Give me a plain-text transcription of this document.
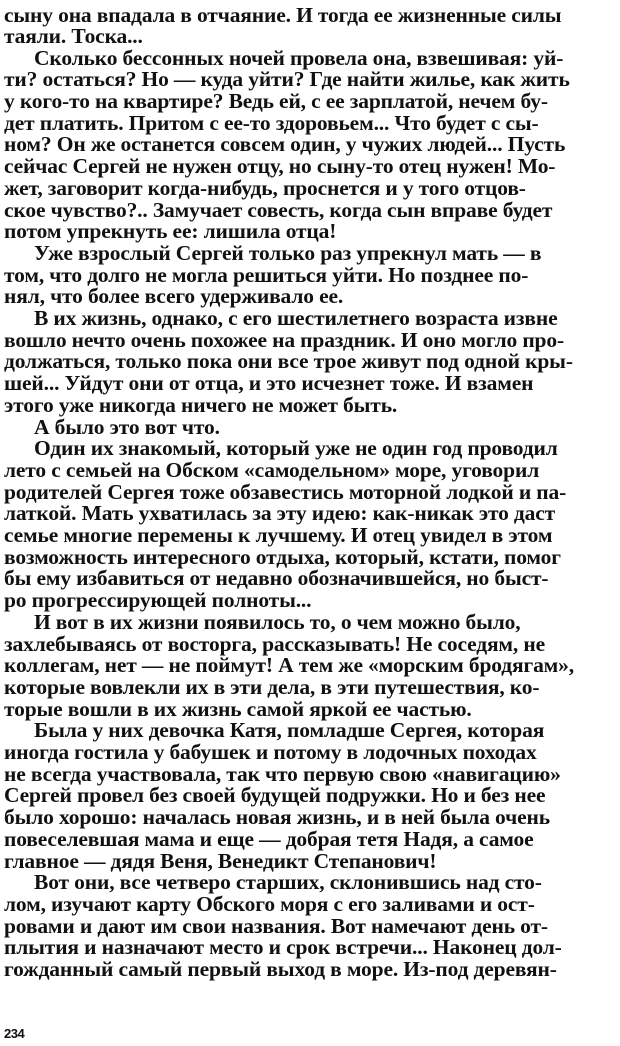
сыну она впадала в отчаяние. И тогда ее жизненные силы
таяли. Тоска...
Сколько бессонных ночей провела она, взвешивая: уй-
ти? остаться? Но — куда уйти? Где найти жилье, как жить
у кого-то на квартире? Ведь ей, с ее зарплатой, нечем бу-
дет платить. Притом с ее-то здоровьем... Что будет с сы-
ном? Он же останется совсем один, у чужих людей... Пусть
сейчас Сергей не нужен отцу, но сыну-то отец нужен! Мо-
жет, заговорит когда-нибудь, проснется и у того отцов-
ское чувство?.. Замучает совесть, когда сын вправе будет
потом упрекнуть ее: лишила отца!
Уже взрослый Сергей только раз упрекнул мать — в
том, что долго не могла решиться уйти. Но позднее по-
нял, что более всего удерживало ее.
В их жизнь, однако, с его шестилетнего возраста извне
вошло нечто очень похожее на праздник. И оно могло про-
должаться, только пока они все трое живут под одной кры-
шей... Уйдут они от отца, и это исчезнет тоже. И взамен
этого уже никогда ничего не может быть.
А было это вот что.
Один их знакомый, который уже не один год проводил
лето с семьей на Обском «самодельном» море, уговорил
родителей Сергея тоже обзавестись моторной лодкой и па-
латкой. Мать ухватилась за эту идею: как-никак это даст
семье многие перемены к лучшему. И отец увидел в этом
возможность интересного отдыха, который, кстати, помог
бы ему избавиться от недавно обозначившейся, но быст-
ро прогрессирующей полноты...
И вот в их жизни появилось то, о чем можно было,
захлебываясь от восторга, рассказывать! Не соседям, не
коллегам, нет — не поймут! А тем же «морским бродягам»,
которые вовлекли их в эти дела, в эти путешествия, ко-
торые вошли в их жизнь самой яркой ее частью.
Была у них девочка Катя, помладше Сергея, которая
иногда гостила у бабушек и потому в лодочных походах
не всегда участвовала, так что первую свою «навигацию»
Сергей провел без своей будущей подружки. Но и без нее
было хорошо: началась новая жизнь, и в ней была очень
повеселевшая мама и еще — добрая тетя Надя, а самое
главное — дядя Веня, Венедикт Степанович!
Вот они, все четверо старших, склонившись над сто-
лом, изучают карту Обского моря с его заливами и ост-
ровами и дают им свои названия. Вот намечают день от-
плытия и назначают место и срок встречи... Наконец дол-
гожданный самый первый выход в море. Из-под деревян-
234
